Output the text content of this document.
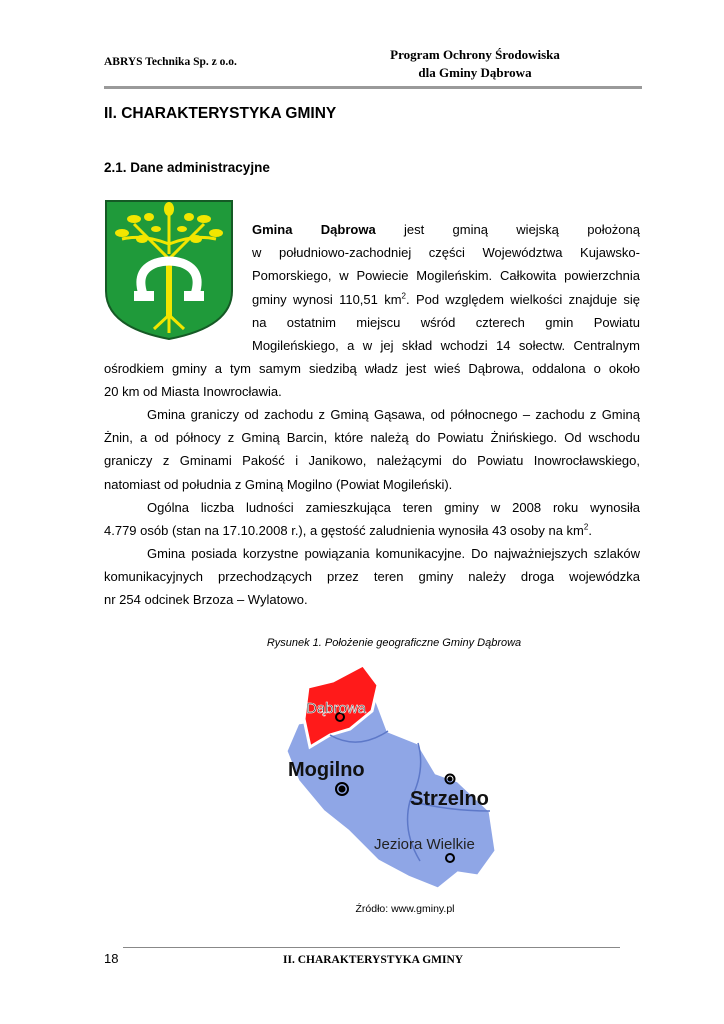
ABRYS Technika Sp. z o.o.	Program Ochrony Środowiska
dla Gminy Dąbrowa
II. CHARAKTERYSTYKA GMINY
2.1. Dane administracyjne

Gmina Dąbrowa jest gminą wiejską położoną

w południowo-zachodniej części Województwa Kujawsko-

Pomorskiego, w Powiecie Mogileńskim. Całkowita powierzchnia

gminy wynosi 110,51 $km^2$. Pod względem wielkości znajduje się

na ostatnim miejscu wśród czterech gmin Powiatu

Mogileńskiego, a w jej skład wchodzi 14 sołectw. Centralnym

ośrodkiem gminy a tym samym siedzibą władz jest wieś Dąbrowa, oddalona o około

20 km od Miasta Inowrocławia.

Gmina graniczy od zachodu z Gminą Gąsawa, od północnego – zachodu z Gminą

Żnin, a od północy z Gminą Barcin, które należą do Powiatu Żnińskiego. Od wschodu

graniczy z Gminami Pakość i Janikowo, należącymi do Powiatu Inowrocławskiego,

natomiast od południa z Gminą Mogilno (Powiat Mogileński).

Ogólna liczba ludności zamieszkująca teren gminy w 2008 roku wynosiła

4.779 osób (stan na 17.10.2008 r.), a gęstość zaludnienia wynosiła 43 osoby na $km^2$.

Gmina posiada korzystne powiązania komunikacyjne. Do najważniejszych szlaków

komunikacyjnych przechodzących przez teren gminy należy droga wojewódzka

nr 254 odcinek Brzoza – Wylatowo.

Rysunek 1. Położenie geograficzne Gminy Dąbrowa
Dąbrowa
Mogilno
Strzelno
Jeziora Wielkie
Źródło: www.gminy.pl
18	II. CHARAKTERYSTYKA GMINY
